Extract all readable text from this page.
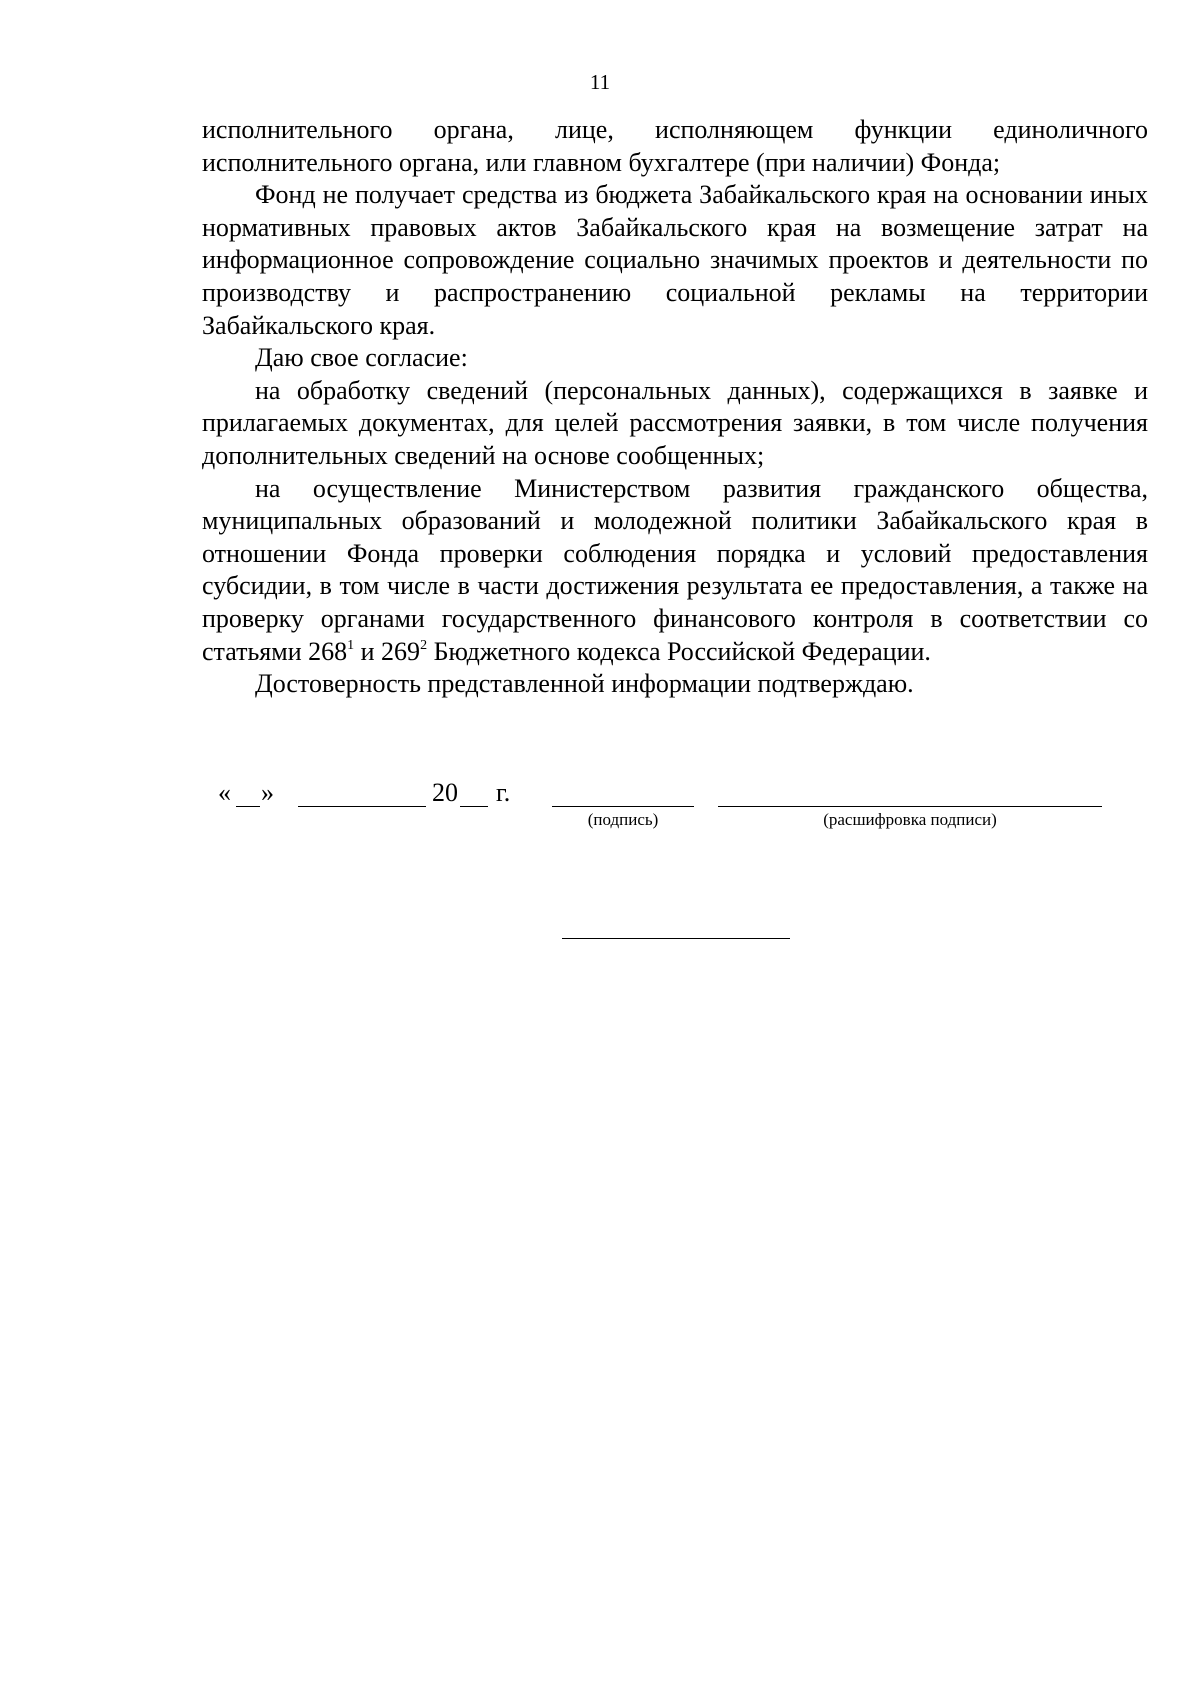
11

исполнительного органа, лице, исполняющем функции единоличного исполнительного органа, или главном бухгалтере (при наличии) Фонда;

Фонд не получает средства из бюджета Забайкальского края на основании иных нормативных правовых актов Забайкальского края на возмещение затрат на информационное сопровождение социально значимых проектов и деятельности по производству и распространению социальной рекламы на территории Забайкальского края.

Даю свое согласие:

на обработку сведений (персональных данных), содержащихся в заявке и прилагаемых документах, для целей рассмотрения заявки, в том числе получения дополнительных сведений на основе сообщенных;

на осуществление Министерством развития гражданского общества, муниципальных образований и молодежной политики Забайкальского края в отношении Фонда проверки соблюдения порядка и условий предоставления субсидии, в том числе в части достижения результата ее предоставления, а также на проверку органами государственного финансового контроля в соответствии со статьями $268^1$ и $269^2$ Бюджетного кодекса Российской Федерации.

Достоверность представленной информации подтверждаю.

« »	20 г.
(подпись)	(расшифровка подписи)
